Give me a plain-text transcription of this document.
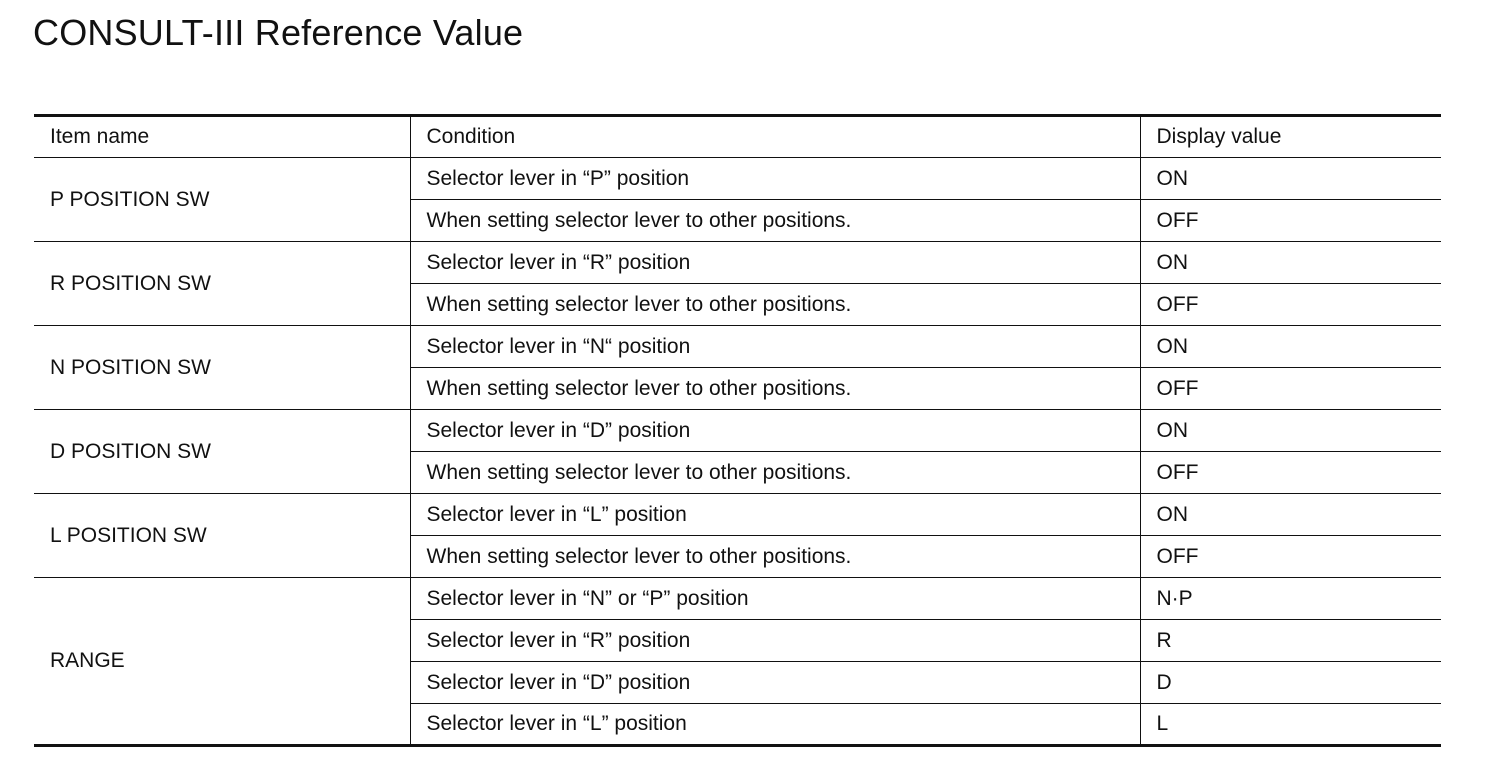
CONSULT-III Reference Value
Item name	Condition	Display value
P POSITION SW	Selector lever in “P” position	ON
	When setting selector lever to other positions.	OFF
R POSITION SW	Selector lever in “R” position	ON
	When setting selector lever to other positions.	OFF
N POSITION SW	Selector lever in “N“ position	ON
	When setting selector lever to other positions.	OFF
D POSITION SW	Selector lever in “D” position	ON
	When setting selector lever to other positions.	OFF
L POSITION SW	Selector lever in “L” position	ON
	When setting selector lever to other positions.	OFF
RANGE	Selector lever in “N” or “P” position	N·P
	Selector lever in “R” position	R
	Selector lever in “D” position	D
	Selector lever in “L” position	L
